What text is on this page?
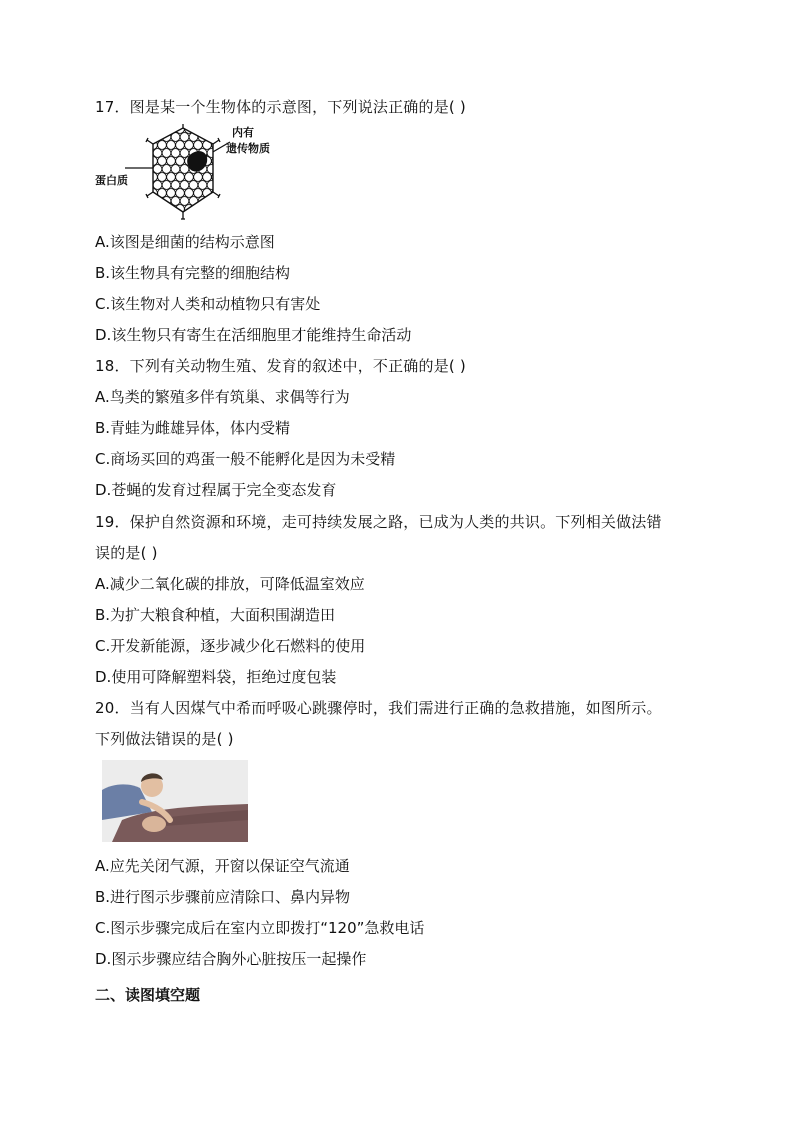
17．图是某一个生物体的示意图，下列说法正确的是( )
内有
遗传物质
蛋白质
A.该图是细菌的结构示意图
B.该生物具有完整的细胞结构
C.该生物对人类和动植物只有害处
D.该生物只有寄生在活细胞里才能维持生命活动
18．下列有关动物生殖、发育的叙述中，不正确的是( )
A.鸟类的繁殖多伴有筑巢、求偶等行为
B.青蛙为雌雄异体，体内受精
C.商场买回的鸡蛋一般不能孵化是因为未受精
D.苍蝇的发育过程属于完全变态发育
19．保护自然资源和环境，走可持续发展之路，已成为人类的共识。下列相关做法错
误的是( )
A.减少二氧化碳的排放，可降低温室效应
B.为扩大粮食种植，大面积围湖造田
C.开发新能源，逐步减少化石燃料的使用
D.使用可降解塑料袋，拒绝过度包装
20．当有人因煤气中希而呼吸心跳骤停时，我们需进行正确的急救措施，如图所示。
下列做法错误的是( )
A.应先关闭气源，开窗以保证空气流通
B.进行图示步骤前应清除口、鼻内异物
C.图示步骤完成后在室内立即拨打“120”急救电话
D.图示步骤应结合胸外心脏按压一起操作
二、读图填空题
